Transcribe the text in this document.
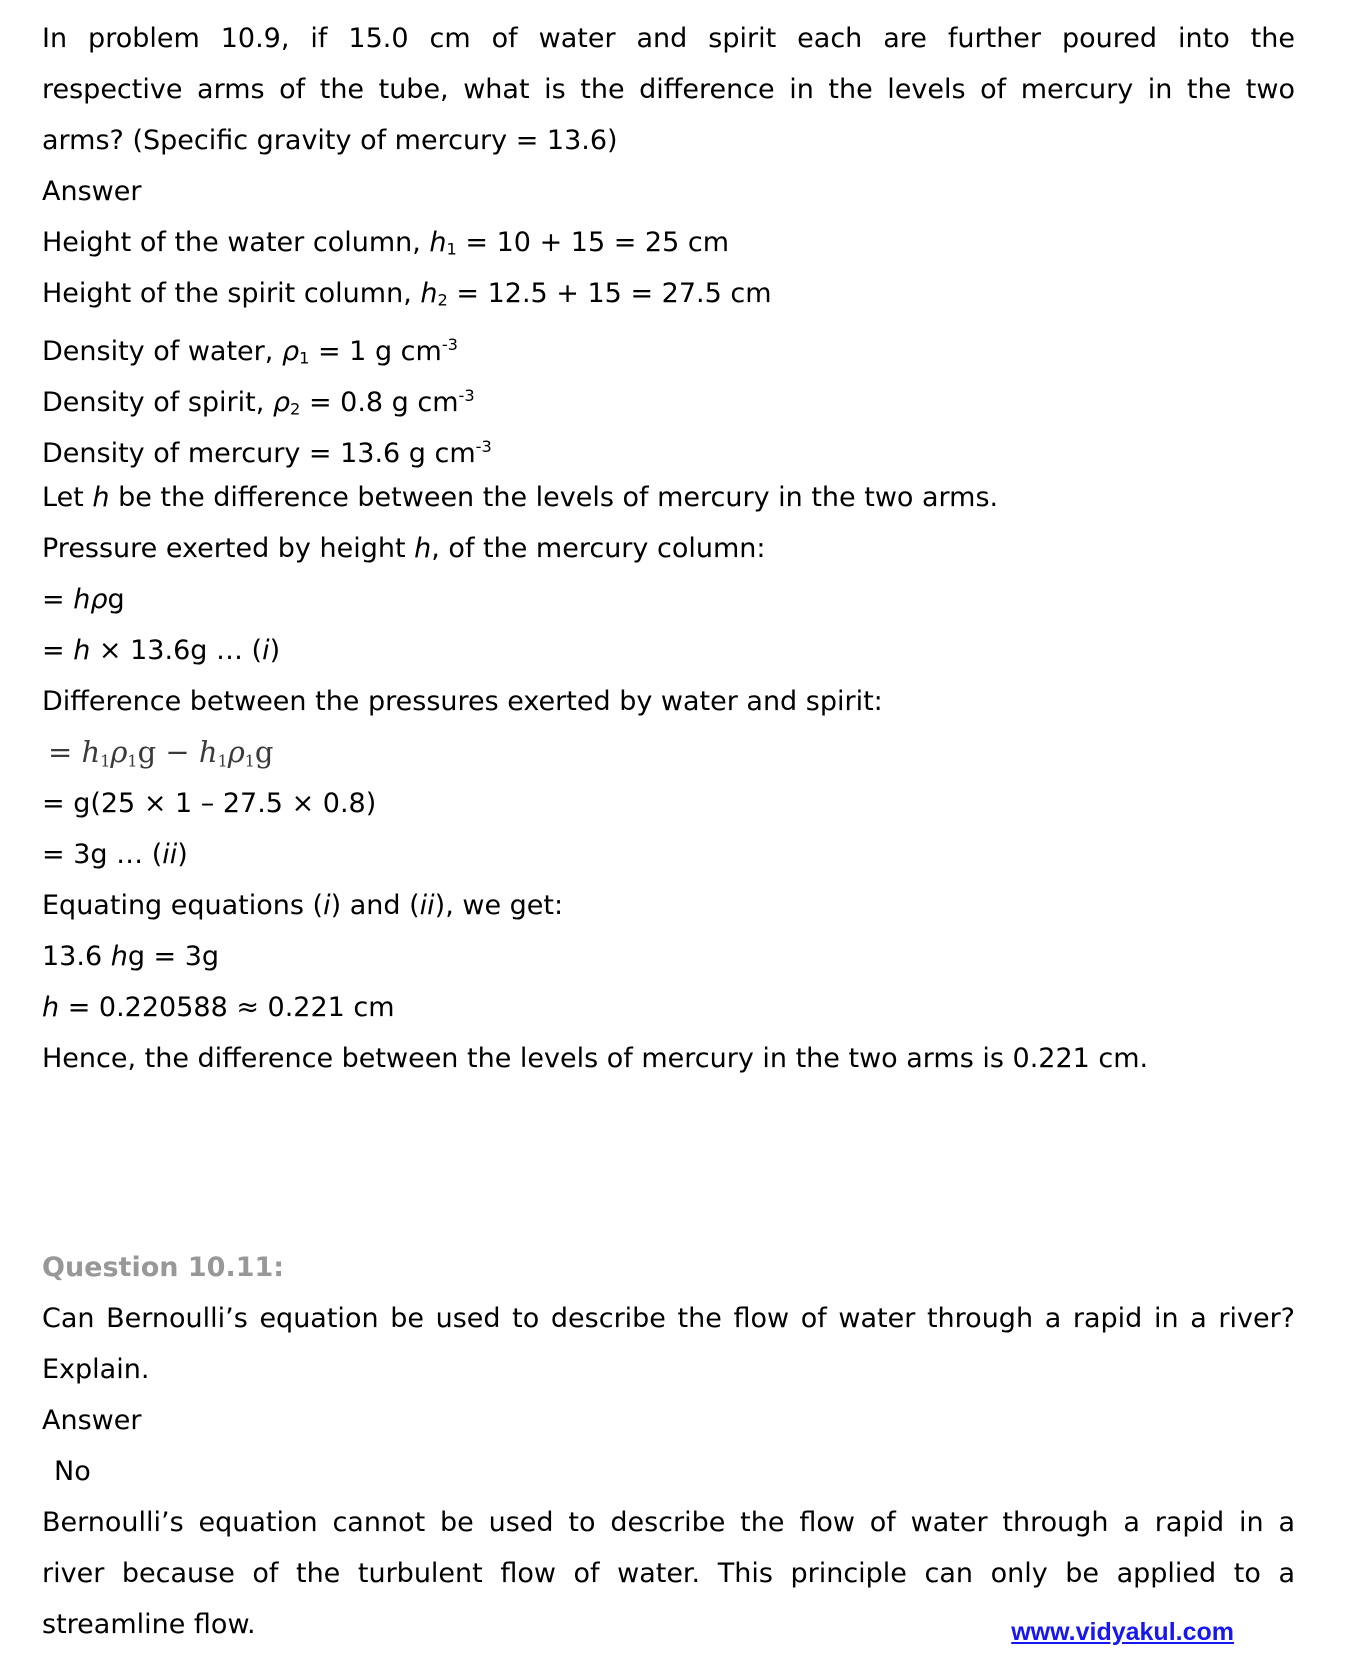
In problem 10.9, if 15.0 cm of water and spirit each are further poured into the
respective arms of the tube, what is the difference in the levels of mercury in the two
arms? (Specific gravity of mercury = 13.6)
Answer
Height of the water column, $h_1 = 10 + 15 = 25$ cm
Height of the spirit column, $h_2 = 12.5 + 15 = 27.5$ cm
Density of water, $\rho_1 = 1$ g $cm^{-3}$
Density of spirit, $\rho_2 = 0.8$ g $cm^{-3}$
Density of mercury = 13.6 g $cm^{-3}$
Let h be the difference between the levels of mercury in the two arms.
Pressure exerted by height h, of the mercury column:
= hρg
= h × 13.6g … (i)
Difference between the pressures exerted by water and spirit:
= $h_1\rho_1g - h_1\rho_1g$
= g(25 × 1 – 27.5 × 0.8)
= 3g … (ii)
Equating equations (i) and (ii), we get:
13.6 hg = 3g
h = 0.220588 ≈ 0.221 cm
Hence, the difference between the levels of mercury in the two arms is 0.221 cm.
Question 10.11:
Can Bernoulli’s equation be used to describe the flow of water through a rapid in a river?
Explain.
Answer
No
Bernoulli’s equation cannot be used to describe the flow of water through a rapid in a
river because of the turbulent flow of water. This principle can only be applied to a
streamline flow.	www.vidyakul.com
